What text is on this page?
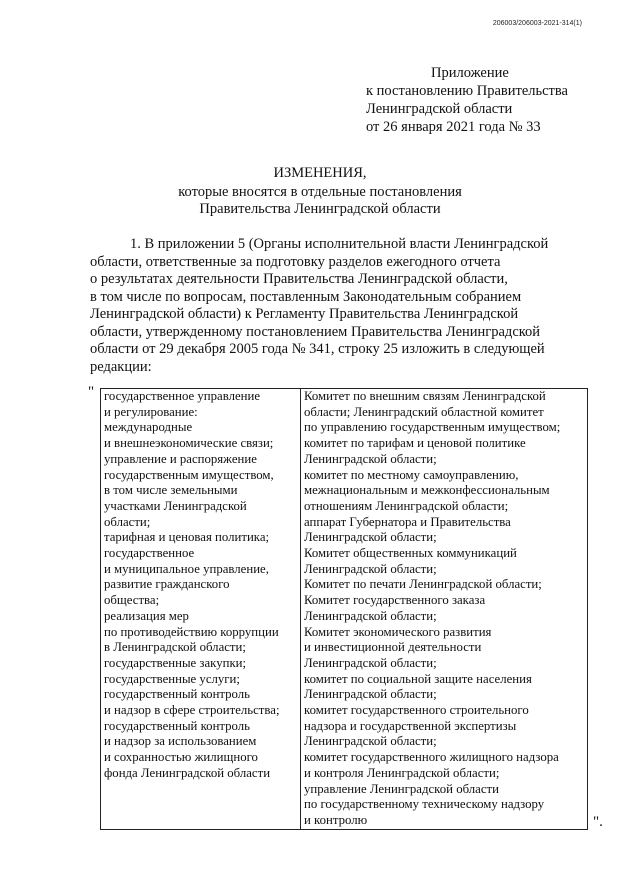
206003/206003-2021-314(1)
Приложение
к постановлению Правительства
Ленинградской области
от 26 января 2021 года № 33
ИЗМЕНЕНИЯ,
которые вносятся в отдельные постановления
Правительства Ленинградской области
1. В приложении 5 (Органы исполнительной власти Ленинградской
области, ответственные за подготовку разделов ежегодного отчета
о результатах деятельности Правительства Ленинградской области,
в том числе по вопросам, поставленным Законодательным собранием
Ленинградской области) к Регламенту Правительства Ленинградской
области, утвержденному постановлением Правительства Ленинградской
области от 29 декабря 2005 года № 341, строку 25 изложить в следующей
редакции:
" государственное управление
и регулирование:
международные
и внешнеэкономические связи;
управление и распоряжение
государственным имуществом,
в том числе земельными
участками Ленинградской
области;
тарифная и ценовая политика;
государственное
и муниципальное управление,
развитие гражданского
общества;
реализация мер
по противодействию коррупции
в Ленинградской области;
государственные закупки;
государственные услуги;
государственный контроль
и надзор в сфере строительства;
государственный контроль
и надзор за использованием
и сохранностью жилищного
фонда Ленинградской области

Комитет по внешним связям Ленинградской
области; Ленинградский областной комитет
по управлению государственным имуществом;
комитет по тарифам и ценовой политике
Ленинградской области;
комитет по местному самоуправлению,
межнациональным и межконфессиональным
отношениям Ленинградской области;
аппарат Губернатора и Правительства
Ленинградской области;
Комитет общественных коммуникаций
Ленинградской области;
Комитет по печати Ленинградской области;
Комитет государственного заказа
Ленинградской области;
Комитет экономического развития
и инвестиционной деятельности
Ленинградской области;
комитет по социальной защите населения
Ленинградской области;
комитет государственного строительного
надзора и государственной экспертизы
Ленинградской области;
комитет государственного жилищного надзора
и контроля Ленинградской области;
управление Ленинградской области
по государственному техническому надзору
и контролю	".
